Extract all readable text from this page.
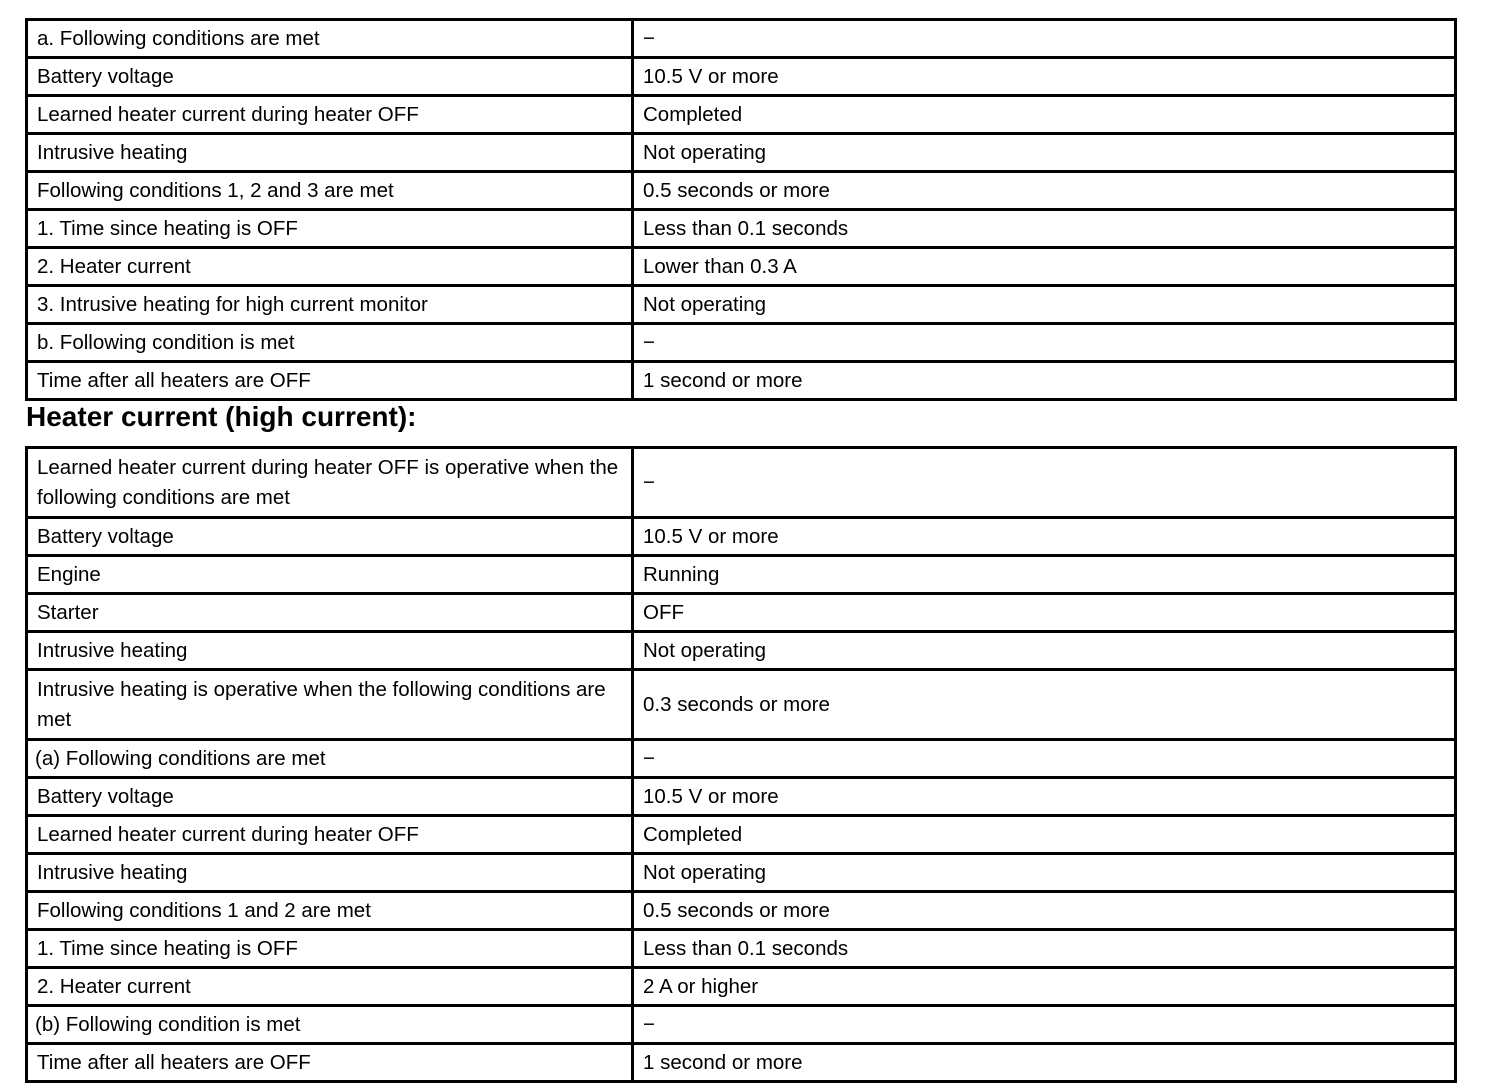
a. Following conditions are met	−
Battery voltage	10.5 V or more
Learned heater current during heater OFF	Completed
Intrusive heating	Not operating
Following conditions 1, 2 and 3 are met	0.5 seconds or more
1. Time since heating is OFF	Less than 0.1 seconds
2. Heater current	Lower than 0.3 A
3. Intrusive heating for high current monitor	Not operating
b. Following condition is met	−
Time after all heaters are OFF	1 second or more
Heater current (high current):
Learned heater current during heater OFF is operative when the following conditions are met	−
Battery voltage	10.5 V or more
Engine	Running
Starter	OFF
Intrusive heating	Not operating
Intrusive heating is operative when the following conditions are met	0.3 seconds or more
(a) Following conditions are met	−
Battery voltage	10.5 V or more
Learned heater current during heater OFF	Completed
Intrusive heating	Not operating
Following conditions 1 and 2 are met	0.5 seconds or more
1. Time since heating is OFF	Less than 0.1 seconds
2. Heater current	2 A or higher
(b) Following condition is met	−
Time after all heaters are OFF	1 second or more
